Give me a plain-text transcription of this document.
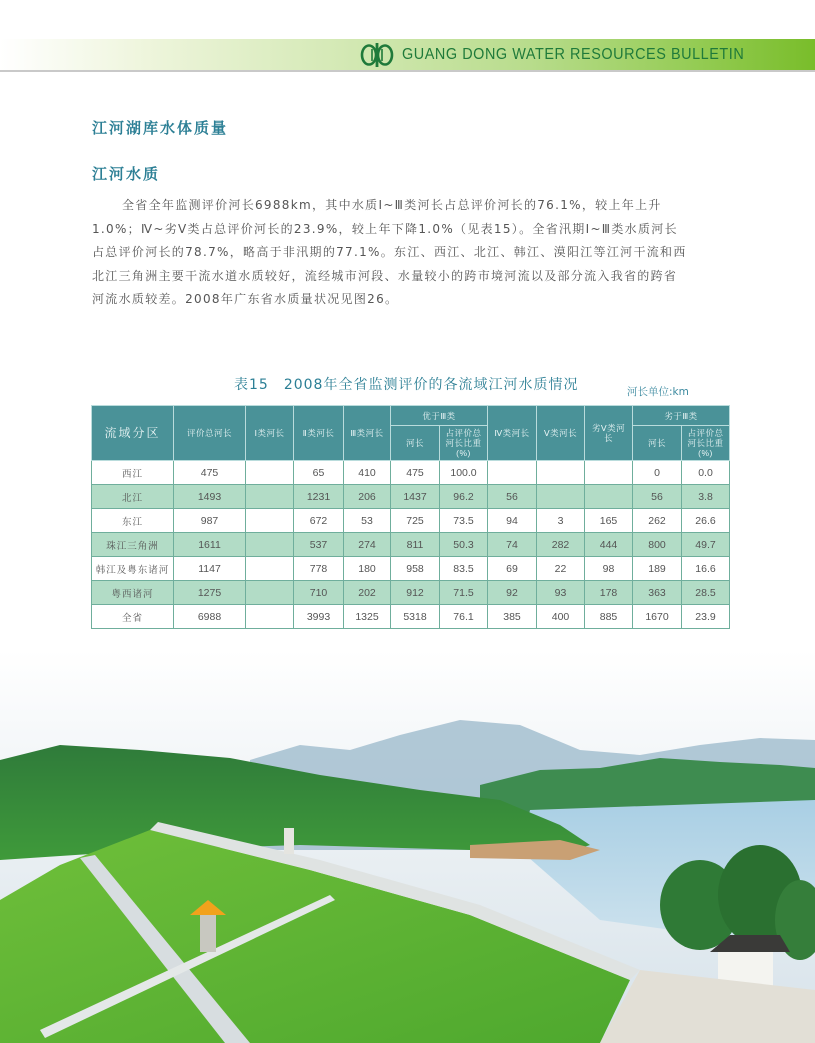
GUANG DONG WATER RESOURCES BULLETIN
江河湖库水体质量
江河水质
全省全年监测评价河长6988km，其中水质Ⅰ~Ⅲ类河长占总评价河长的76.1%，较上年上升
1.0%；Ⅳ~劣Ⅴ类占总评价河长的23.9%，较上年下降1.0%（见表15）。全省汛期Ⅰ~Ⅲ类水质河长
占总评价河长的78.7%，略高于非汛期的77.1%。东江、西江、北江、韩江、漠阳江等江河干流和西
北江三角洲主要干流水道水质较好，流经城市河段、水量较小的跨市境河流以及部分流入我省的跨省
河流水质较差。2008年广东省水质量状况见图26。
表15　2008年全省监测评价的各流域江河水质情况	河长单位:km
流域分区	评价总河长	Ⅰ类河长	Ⅱ类河长	Ⅲ类河长	优于Ⅲ类		Ⅳ类河长	Ⅴ类河长	劣Ⅴ类河长	劣于Ⅲ类	
					河长	占评价总河长比重(%)				河长	占评价总河长比重(%)
西江	475		65	410	475	100.0				0	0.0
北江	1493		1231	206	1437	96.2	56			56	3.8
东江	987		672	53	725	73.5	94	3	165	262	26.6
珠江三角洲	1611		537	274	811	50.3	74	282	444	800	49.7
韩江及粤东诸河	1147		778	180	958	83.5	69	22	98	189	16.6
粤西诸河	1275		710	202	912	71.5	92	93	178	363	28.5
全省	6988		3993	1325	5318	76.1	385	400	885	1670	23.9
